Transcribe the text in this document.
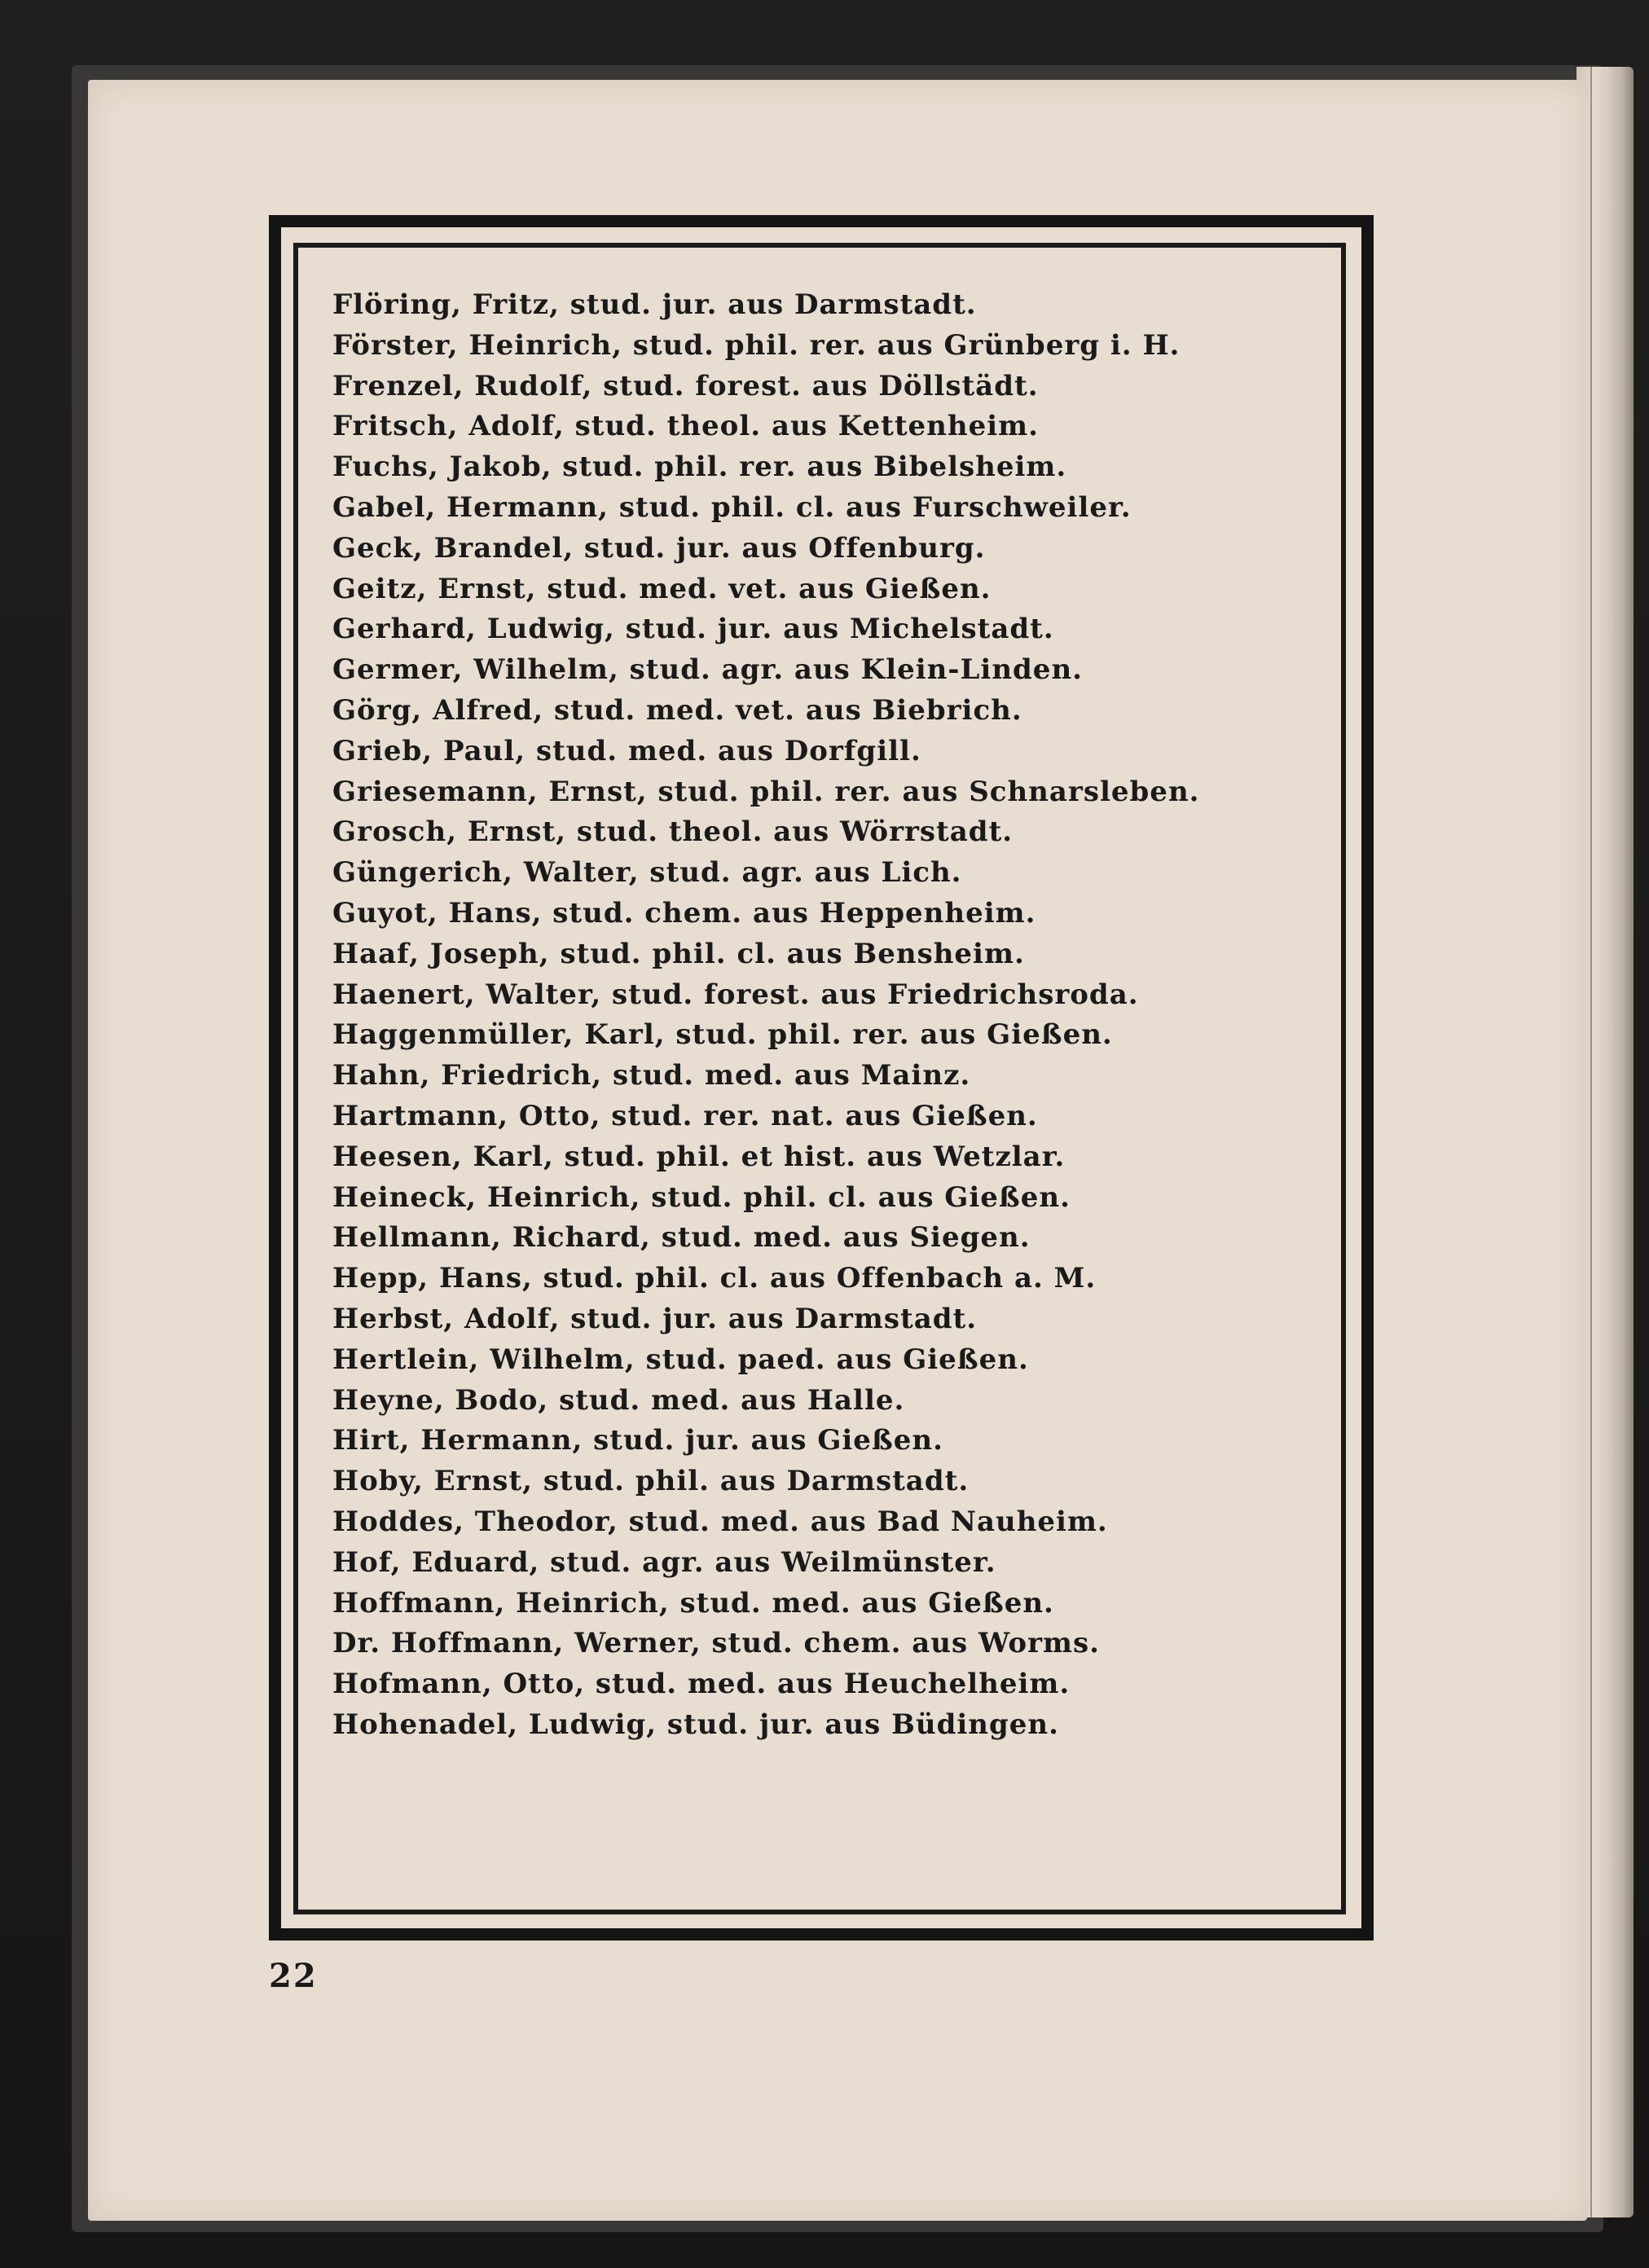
Flöring, Fritz, stud. jur. aus Darmstadt.
Förster, Heinrich, stud. phil. rer. aus Grünberg i. H.
Frenzel, Rudolf, stud. forest. aus Döllstädt.
Fritsch, Adolf, stud. theol. aus Kettenheim.
Fuchs, Jakob, stud. phil. rer. aus Bibelsheim.
Gabel, Hermann, stud. phil. cl. aus Furschweiler.
Geck, Brandel, stud. jur. aus Offenburg.
Geitz, Ernst, stud. med. vet. aus Gießen.
Gerhard, Ludwig, stud. jur. aus Michelstadt.
Germer, Wilhelm, stud. agr. aus Klein-Linden.
Görg, Alfred, stud. med. vet. aus Biebrich.
Grieb, Paul, stud. med. aus Dorfgill.
Griesemann, Ernst, stud. phil. rer. aus Schnarsleben.
Grosch, Ernst, stud. theol. aus Wörrstadt.
Güngerich, Walter, stud. agr. aus Lich.
Guyot, Hans, stud. chem. aus Heppenheim.
Haaf, Joseph, stud. phil. cl. aus Bensheim.
Haenert, Walter, stud. forest. aus Friedrichsroda.
Haggenmüller, Karl, stud. phil. rer. aus Gießen.
Hahn, Friedrich, stud. med. aus Mainz.
Hartmann, Otto, stud. rer. nat. aus Gießen.
Heesen, Karl, stud. phil. et hist. aus Wetzlar.
Heineck, Heinrich, stud. phil. cl. aus Gießen.
Hellmann, Richard, stud. med. aus Siegen.
Hepp, Hans, stud. phil. cl. aus Offenbach a. M.
Herbst, Adolf, stud. jur. aus Darmstadt.
Hertlein, Wilhelm, stud. paed. aus Gießen.
Heyne, Bodo, stud. med. aus Halle.
Hirt, Hermann, stud. jur. aus Gießen.
Hoby, Ernst, stud. phil. aus Darmstadt.
Hoddes, Theodor, stud. med. aus Bad Nauheim.
Hof, Eduard, stud. agr. aus Weilmünster.
Hoffmann, Heinrich, stud. med. aus Gießen.
Dr. Hoffmann, Werner, stud. chem. aus Worms.
Hofmann, Otto, stud. med. aus Heuchelheim.
Hohenadel, Ludwig, stud. jur. aus Büdingen.
22
